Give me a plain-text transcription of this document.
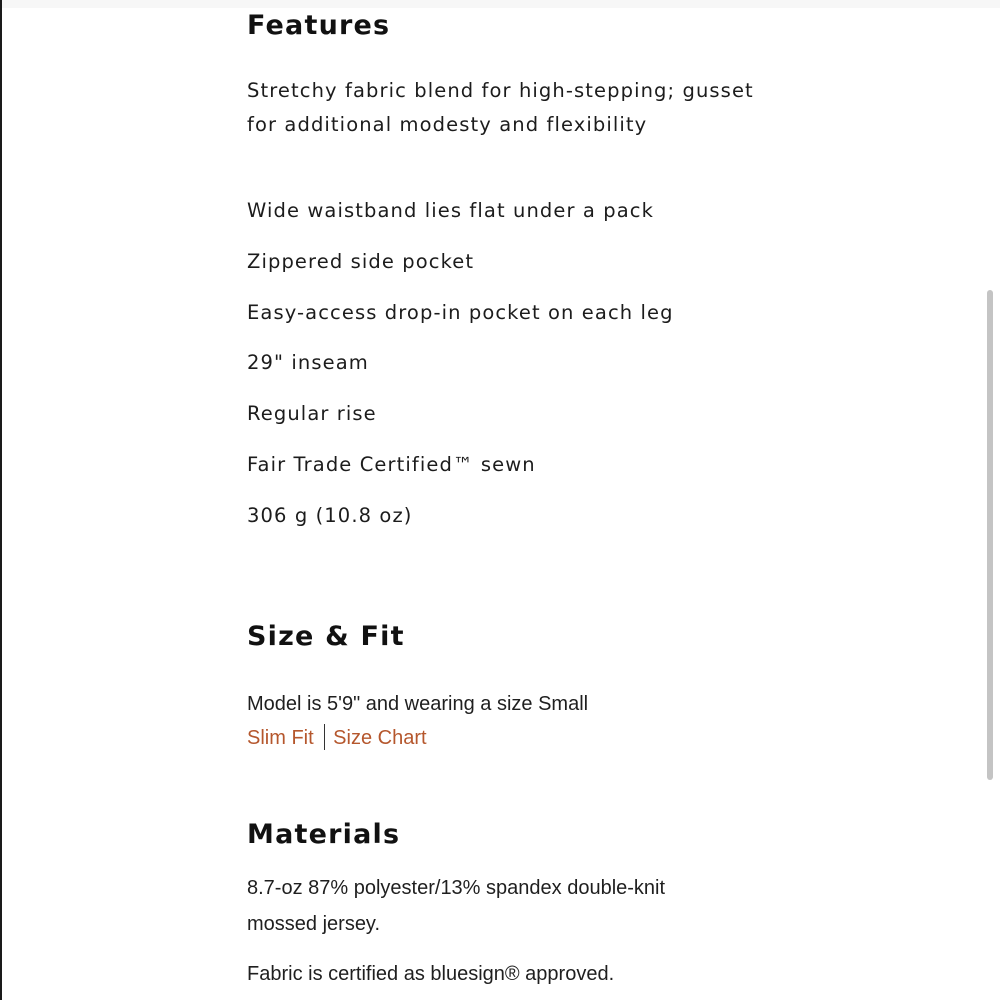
Features

Stretchy fabric blend for high-stepping; gusset for additional modesty and flexibility

Wide waistband lies flat under a pack

Zippered side pocket

Easy-access drop-in pocket on each leg

29" inseam

Regular rise

Fair Trade Certified™ sewn

306 g (10.8 oz)

Size & Fit

Model is 5'9" and wearing a size Small

Slim Fit Size Chart
Materials

8.7-oz 87% polyester/13% spandex double-knit mossed jersey.

Fabric is certified as bluesign® approved.
